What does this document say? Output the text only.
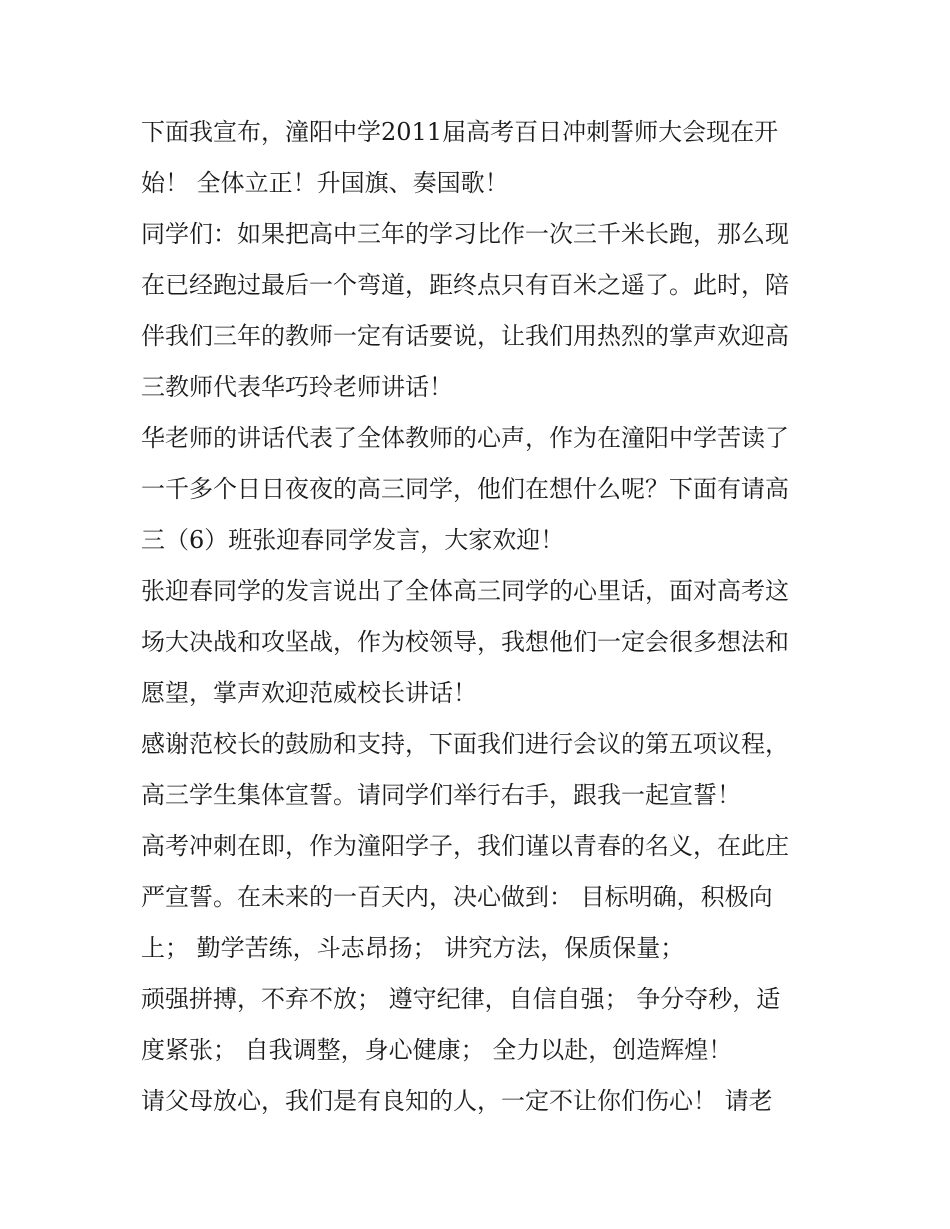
下面我宣布，潼阳中学2011届高考百日冲刺誓师大会现在开
始！ 全体立正！升国旗、奏国歌！
同学们：如果把高中三年的学习比作一次三千米长跑，那么现
在已经跑过最后一个弯道，距终点只有百米之遥了。此时，陪
伴我们三年的教师一定有话要说，让我们用热烈的掌声欢迎高
三教师代表华巧玲老师讲话！
华老师的讲话代表了全体教师的心声，作为在潼阳中学苦读了
一千多个日日夜夜的高三同学，他们在想什么呢？下面有请高
三（6）班张迎春同学发言，大家欢迎！
张迎春同学的发言说出了全体高三同学的心里话，面对高考这
场大决战和攻坚战，作为校领导，我想他们一定会很多想法和
愿望，掌声欢迎范威校长讲话！
感谢范校长的鼓励和支持，下面我们进行会议的第五项议程，
高三学生集体宣誓。请同学们举行右手，跟我一起宣誓！
高考冲刺在即，作为潼阳学子，我们谨以青春的名义，在此庄
严宣誓。在未来的一百天内，决心做到： 目标明确，积极向
上； 勤学苦练，斗志昂扬； 讲究方法，保质保量；
顽强拼搏，不弃不放； 遵守纪律，自信自强； 争分夺秒，适
度紧张； 自我调整，身心健康； 全力以赴，创造辉煌！
请父母放心，我们是有良知的人，一定不让你们伤心！ 请老
